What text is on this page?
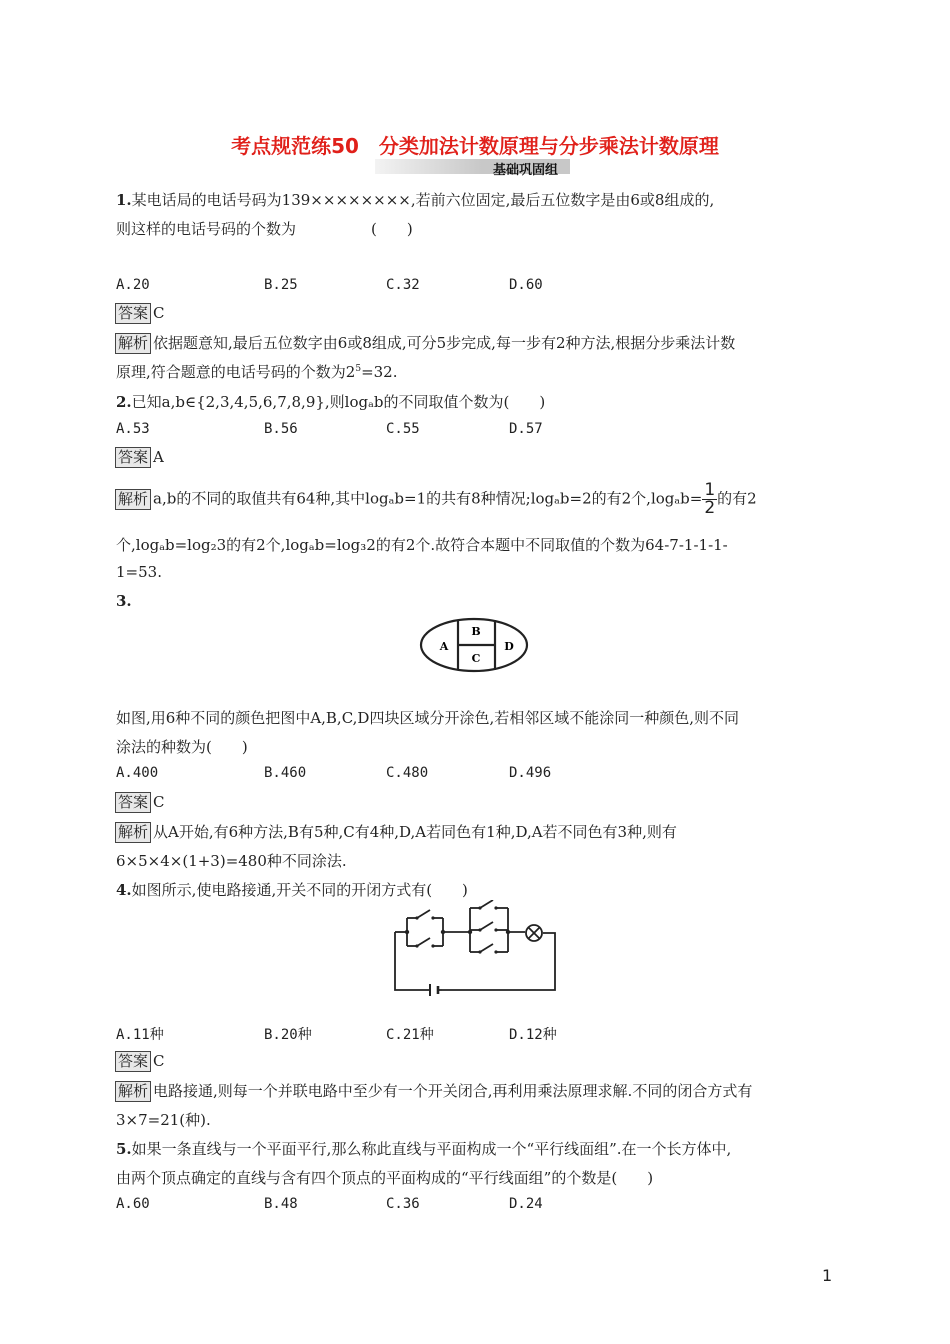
考点规范练50　分类加法计数原理与分步乘法计数原理
基础巩固组
1.某电话局的电话号码为139××××××××,若前六位固定,最后五位数字是由6或8组成的,
则这样的电话号码的个数为　　　　　(　　)
A.20	B.25	C.32	D.60
答案 C
解析 依据题意知,最后五位数字由6或8组成,可分5步完成,每一步有2种方法,根据分步乘法计数
原理,符合题意的电话号码的个数为$2^5=32$.
2.已知a,b∈{2,3,4,5,6,7,8,9},则logₐb的不同取值个数为(　　)
A.53	B.56	C.55	D.57
答案 A
解析 a,b的不同的取值共有64种,其中logₐb=1的共有8种情况;logₐb=2的有2个$,\log_ab= \frac{1}{2}$ 的有2
个,logₐb=log₂3的有2个,logₐb=log₃2的有2个.故符合本题中不同取值的个数为64-7-1-1-1-
1=53.
3.
A
B
C
D
如图,用6种不同的颜色把图中A,B,C,D四块区域分开涂色,若相邻区域不能涂同一种颜色,则不同
涂法的种数为(　　)
A.400	B.460	C.480	D.496
答案 C
解析 从A开始,有6种方法,B有5种,C有4种,D,A若同色有1种,D,A若不同色有3种,则有
6×5×4×(1+3)=480种不同涂法.
4.如图所示,使电路接通,开关不同的开闭方式有(　　)
A.11种	B.20种	C.21种	D.12种
答案 C
解析 电路接通,则每一个并联电路中至少有一个开关闭合,再利用乘法原理求解.不同的闭合方式有
3×7=21(种).
5.如果一条直线与一个平面平行,那么称此直线与平面构成一个“平行线面组”.在一个长方体中,
由两个顶点确定的直线与含有四个顶点的平面构成的“平行线面组”的个数是(　　)
A.60	B.48	C.36	D.24
1
